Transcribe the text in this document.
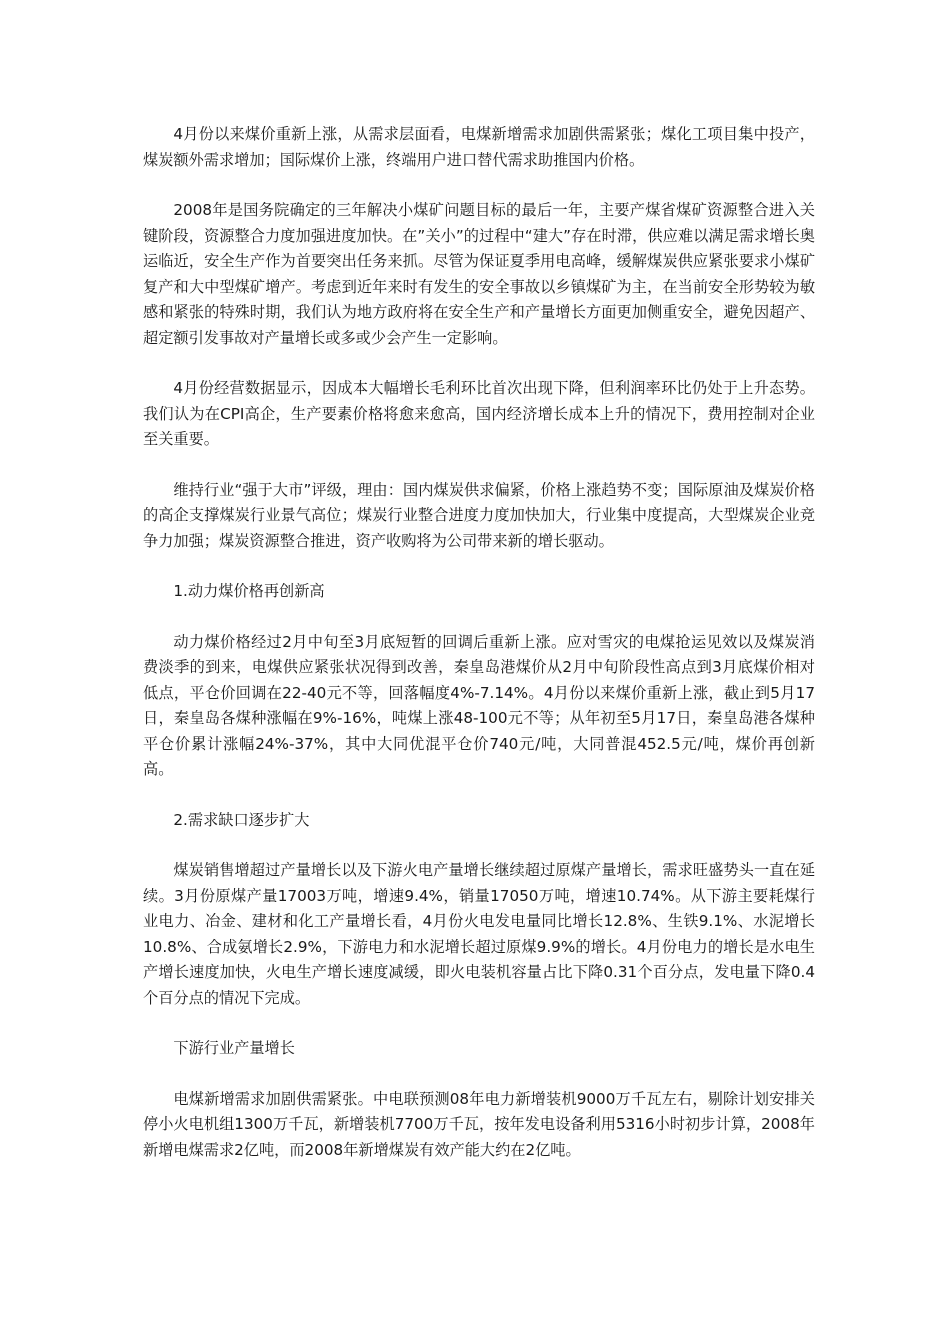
4月份以来煤价重新上涨，从需求层面看，电煤新增需求加剧供需紧张；煤化工项目集中投产，煤炭额外需求增加；国际煤价上涨，终端用户进口替代需求助推国内价格。

2008年是国务院确定的三年解决小煤矿问题目标的最后一年，主要产煤省煤矿资源整合进入关键阶段，资源整合力度加强进度加快。在”关小”的过程中“建大”存在时滞，供应难以满足需求增长奥运临近，安全生产作为首要突出任务来抓。尽管为保证夏季用电高峰，缓解煤炭供应紧张要求小煤矿复产和大中型煤矿增产。考虑到近年来时有发生的安全事故以乡镇煤矿为主，在当前安全形势较为敏感和紧张的特殊时期，我们认为地方政府将在安全生产和产量增长方面更加侧重安全，避免因超产、超定额引发事故对产量增长或多或少会产生一定影响。

4月份经营数据显示，因成本大幅增长毛利环比首次出现下降，但利润率环比仍处于上升态势。我们认为在CPI高企，生产要素价格将愈来愈高，国内经济增长成本上升的情况下，费用控制对企业至关重要。

维持行业“强于大市”评级，理由：国内煤炭供求偏紧，价格上涨趋势不变；国际原油及煤炭价格的高企支撑煤炭行业景气高位；煤炭行业整合进度力度加快加大，行业集中度提高，大型煤炭企业竞争力加强；煤炭资源整合推进，资产收购将为公司带来新的增长驱动。

1.动力煤价格再创新高

动力煤价格经过2月中旬至3月底短暂的回调后重新上涨。应对雪灾的电煤抢运见效以及煤炭消费淡季的到来，电煤供应紧张状况得到改善，秦皇岛港煤价从2月中旬阶段性高点到3月底煤价相对低点，平仓价回调在22-40元不等，回落幅度4%-7.14%。4月份以来煤价重新上涨，截止到5月17日，秦皇岛各煤种涨幅在9%-16%，吨煤上涨48-100元不等；从年初至5月17日，秦皇岛港各煤种平仓价累计涨幅24%-37%，其中大同优混平仓价740元/吨，大同普混452.5元/吨，煤价再创新高。

2.需求缺口逐步扩大

煤炭销售增超过产量增长以及下游火电产量增长继续超过原煤产量增长，需求旺盛势头一直在延续。3月份原煤产量17003万吨，增速9.4%，销量17050万吨，增速10.74%。从下游主要耗煤行业电力、冶金、建材和化工产量增长看，4月份火电发电量同比增长12.8%、生铁9.1%、水泥增长10.8%、合成氨增长2.9%，下游电力和水泥增长超过原煤9.9%的增长。4月份电力的增长是水电生产增长速度加快，火电生产增长速度减缓，即火电装机容量占比下降0.31个百分点，发电量下降0.4个百分点的情况下完成。

下游行业产量增长

电煤新增需求加剧供需紧张。中电联预测08年电力新增装机9000万千瓦左右，剔除计划安排关停小火电机组1300万千瓦，新增装机7700万千瓦，按年发电设备利用5316小时初步计算，2008年新增电煤需求2亿吨，而2008年新增煤炭有效产能大约在2亿吨。
